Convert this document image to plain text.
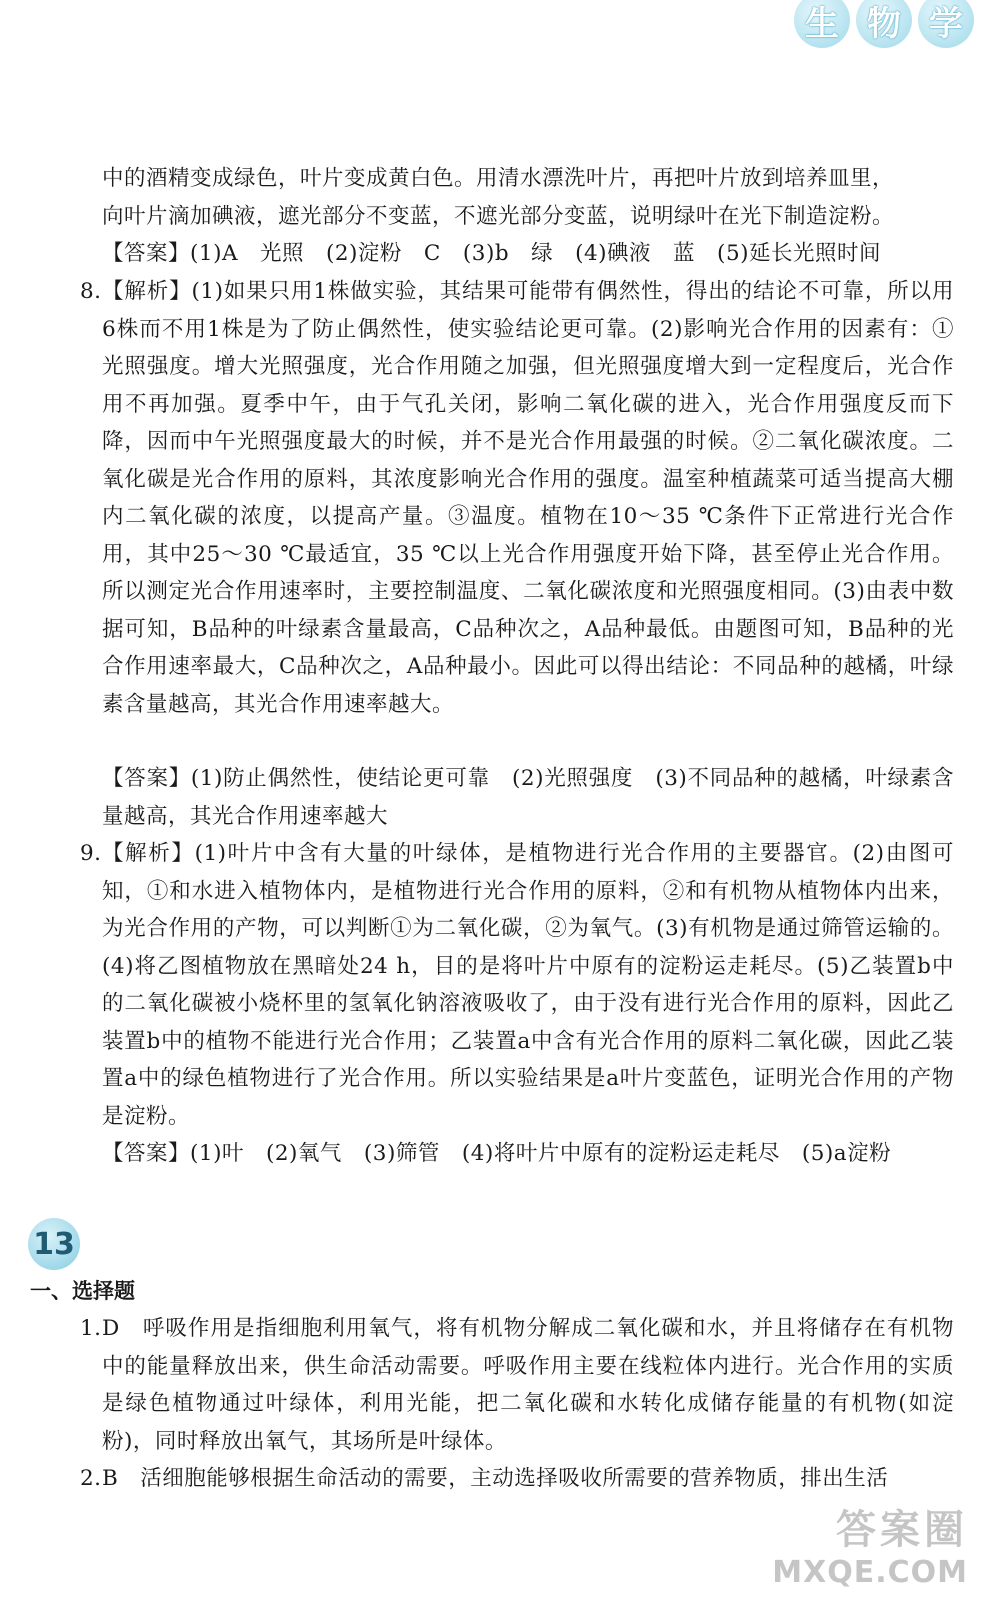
生 物 学
中的酒精变成绿色，叶片变成黄白色。用清水漂洗叶片，再把叶片放到培养皿里，
向叶片滴加碘液，遮光部分不变蓝，不遮光部分变蓝，说明绿叶在光下制造淀粉。
【答案】(1)A　光照　(2)淀粉　C　(3)b　绿　(4)碘液　蓝　(5)延长光照时间
8. 【解析】(1)如果只用1株做实验，其结果可能带有偶然性，得出的结论不可靠，所以用6株而不用1株是为了防止偶然性，使实验结论更可靠。(2)影响光合作用的因素有：①光照强度。增大光照强度，光合作用随之加强，但光照强度增大到一定程度后，光合作用不再加强。夏季中午，由于气孔关闭，影响二氧化碳的进入，光合作用强度反而下降，因而中午光照强度最大的时候，并不是光合作用最强的时候。②二氧化碳浓度。二氧化碳是光合作用的原料，其浓度影响光合作用的强度。温室种植蔬菜可适当提高大棚内二氧化碳的浓度，以提高产量。③温度。植物在10～35 ℃条件下正常进行光合作用，其中25～30 ℃最适宜，35 ℃以上光合作用强度开始下降，甚至停止光合作用。所以测定光合作用速率时，主要控制温度、二氧化碳浓度和光照强度相同。(3)由表中数据可知，B品种的叶绿素含量最高，C品种次之，A品种最低。由题图可知，B品种的光合作用速率最大，C品种次之，A品种最小。因此可以得出结论：不同品种的越橘，叶绿素含量越高，其光合作用速率越大。
【答案】(1)防止偶然性，使结论更可靠　(2)光照强度　(3)不同品种的越橘，叶绿素含量越高，其光合作用速率越大
9. 【解析】(1)叶片中含有大量的叶绿体，是植物进行光合作用的主要器官。(2)由图可知，①和水进入植物体内，是植物进行光合作用的原料，②和有机物从植物体内出来，为光合作用的产物，可以判断①为二氧化碳，②为氧气。(3)有机物是通过筛管运输的。(4)将乙图植物放在黑暗处24 h，目的是将叶片中原有的淀粉运走耗尽。(5)乙装置b中的二氧化碳被小烧杯里的氢氧化钠溶液吸收了，由于没有进行光合作用的原料，因此乙装置b中的植物不能进行光合作用；乙装置a中含有光合作用的原料二氧化碳，因此乙装置a中的绿色植物进行了光合作用。所以实验结果是a叶片变蓝色，证明光合作用的产物是淀粉。
【答案】(1)叶　(2)氧气　(3)筛管　(4)将叶片中原有的淀粉运走耗尽　(5)a淀粉
13
一、选择题
1. D　呼吸作用是指细胞利用氧气，将有机物分解成二氧化碳和水，并且将储存在有机物中的能量释放出来，供生命活动需要。呼吸作用主要在线粒体内进行。光合作用的实质是绿色植物通过叶绿体，利用光能，把二氧化碳和水转化成储存能量的有机物(如淀粉)，同时释放出氧气，其场所是叶绿体。
2. B　活细胞能够根据生命活动的需要，主动选择吸收所需要的营养物质，排出生活
答案圈
MXQE.COM
